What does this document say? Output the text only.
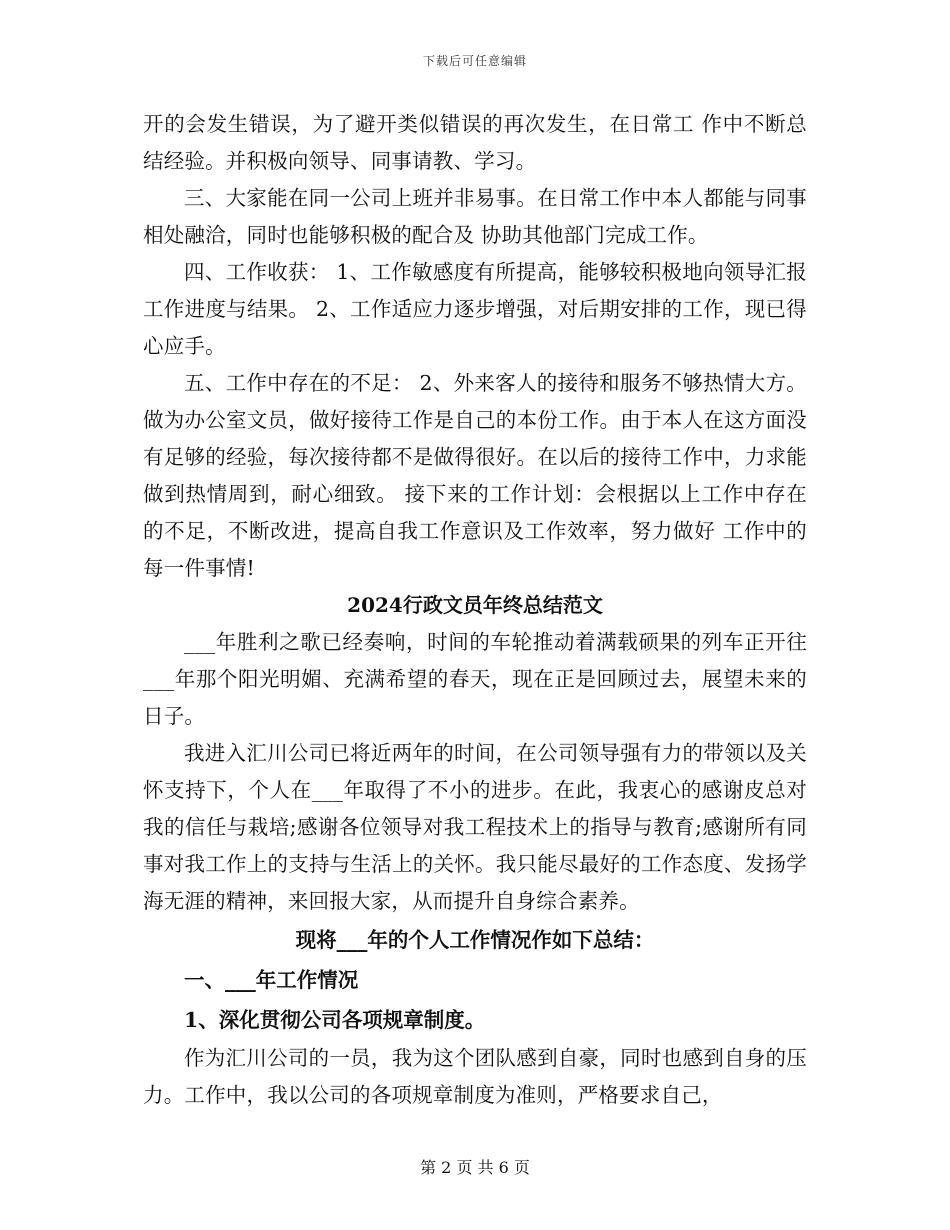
下载后可任意编辑

开的会发生错误，为了避开类似错误的再次发生，在日常工 作中不断总结经验。并积极向领导、同事请教、学习。

三、大家能在同一公司上班并非易事。在日常工作中本人都能与同事相处融洽，同时也能够积极的配合及 协助其他部门完成工作。

四、工作收获： 1、工作敏感度有所提高，能够较积极地向领导汇报工作进度与结果。 2、工作适应力逐步增强，对后期安排的工作，现已得心应手。

五、工作中存在的不足： 2、外来客人的接待和服务不够热情大方。做为办公室文员，做好接待工作是自己的本份工作。由于本人在这方面没有足够的经验，每次接待都不是做得很好。在以后的接待工作中，力求能做到热情周到，耐心细致。 接下来的工作计划：会根据以上工作中存在的不足，不断改进，提高自我工作意识及工作效率，努力做好 工作中的每一件事情!

2024行政文员年终总结范文

___年胜利之歌已经奏响，时间的车轮推动着满载硕果的列车正开往___年那个阳光明媚、充满希望的春天，现在正是回顾过去，展望未来的日子。

我进入汇川公司已将近两年的时间，在公司领导强有力的带领以及关怀支持下，个人在___年取得了不小的进步。在此，我衷心的感谢皮总对我的信任与栽培;感谢各位领导对我工程技术上的指导与教育;感谢所有同事对我工作上的支持与生活上的关怀。我只能尽最好的工作态度、发扬学海无涯的精神，来回报大家，从而提升自身综合素养。

现将___年的个人工作情况作如下总结：

一、___年工作情况

1、深化贯彻公司各项规章制度。

作为汇川公司的一员，我为这个团队感到自豪，同时也感到自身的压力。工作中，我以公司的各项规章制度为准则，严格要求自己，

第 2 页 共 6 页
